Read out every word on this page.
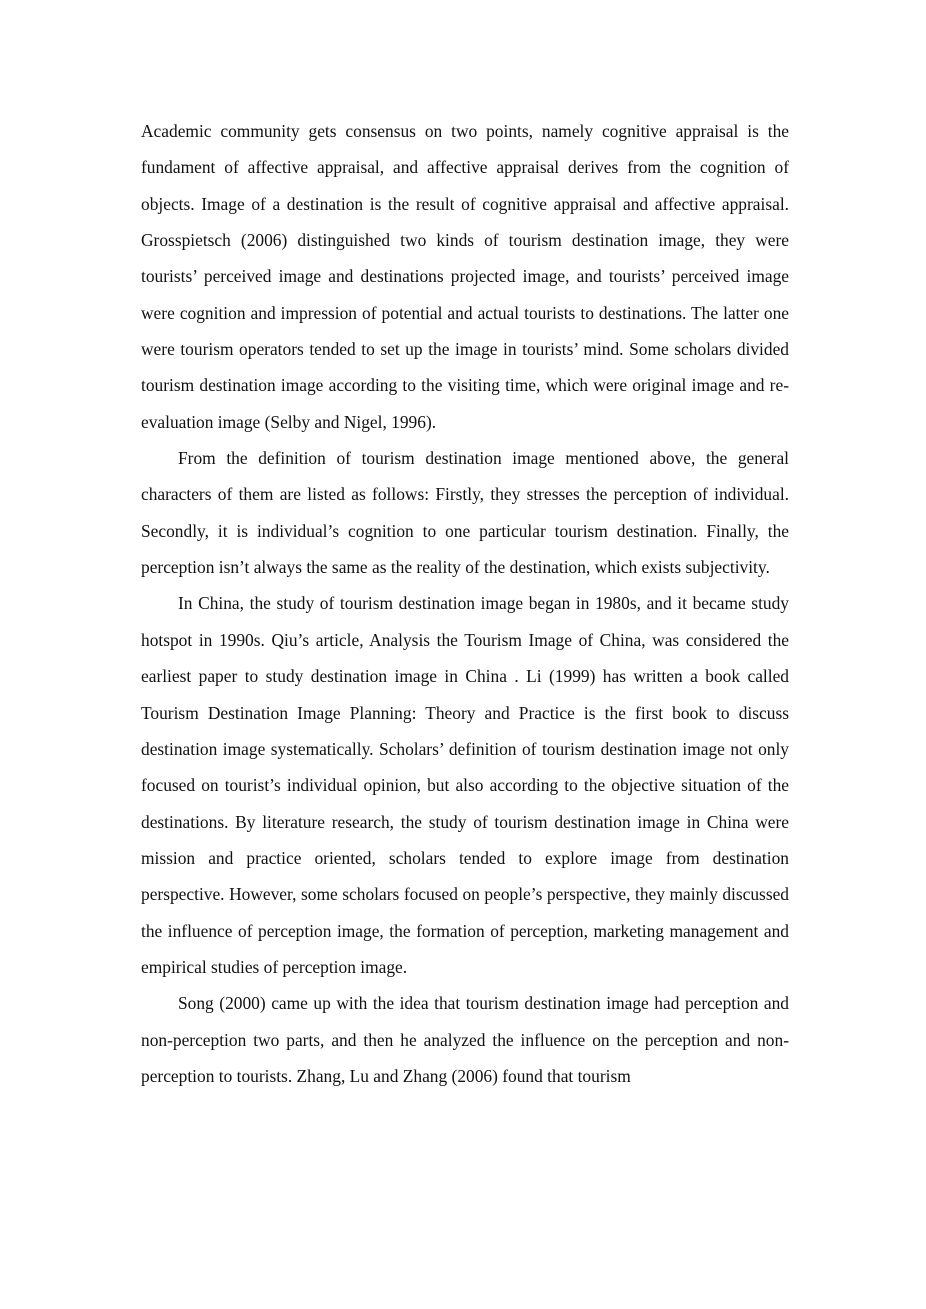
Academic community gets consensus on two points, namely cognitive appraisal is the fundament of affective appraisal, and affective appraisal derives from the cognition of objects. Image of a destination is the result of cognitive appraisal and affective appraisal. Grosspietsch (2006) distinguished two kinds of tourism destination image, they were tourists’ perceived image and destinations projected image, and tourists’ perceived image were cognition and impression of potential and actual tourists to destinations. The latter one were tourism operators tended to set up the image in tourists’ mind. Some scholars divided tourism destination image according to the visiting time, which were original image and re-evaluation image (Selby and Nigel, 1996).

From the definition of tourism destination image mentioned above, the general characters of them are listed as follows: Firstly, they stresses the perception of individual. Secondly, it is individual’s cognition to one particular tourism destination. Finally, the perception isn’t always the same as the reality of the destination, which exists subjectivity.

In China, the study of tourism destination image began in 1980s, and it became study hotspot in 1990s. Qiu’s article, Analysis the Tourism Image of China, was considered the earliest paper to study destination image in China . Li (1999) has written a book called Tourism Destination Image Planning: Theory and Practice is the first book to discuss destination image systematically. Scholars’ definition of tourism destination image not only focused on tourist’s individual opinion, but also according to the objective situation of the destinations. By literature research, the study of tourism destination image in China were mission and practice oriented, scholars tended to explore image from destination perspective. However, some scholars focused on people’s perspective, they mainly discussed the influence of perception image, the formation of perception, marketing management and empirical studies of perception image.

Song (2000) came up with the idea that tourism destination image had perception and non-perception two parts, and then he analyzed the influence on the perception and non-perception to tourists. Zhang, Lu and Zhang (2006) found that tourism
